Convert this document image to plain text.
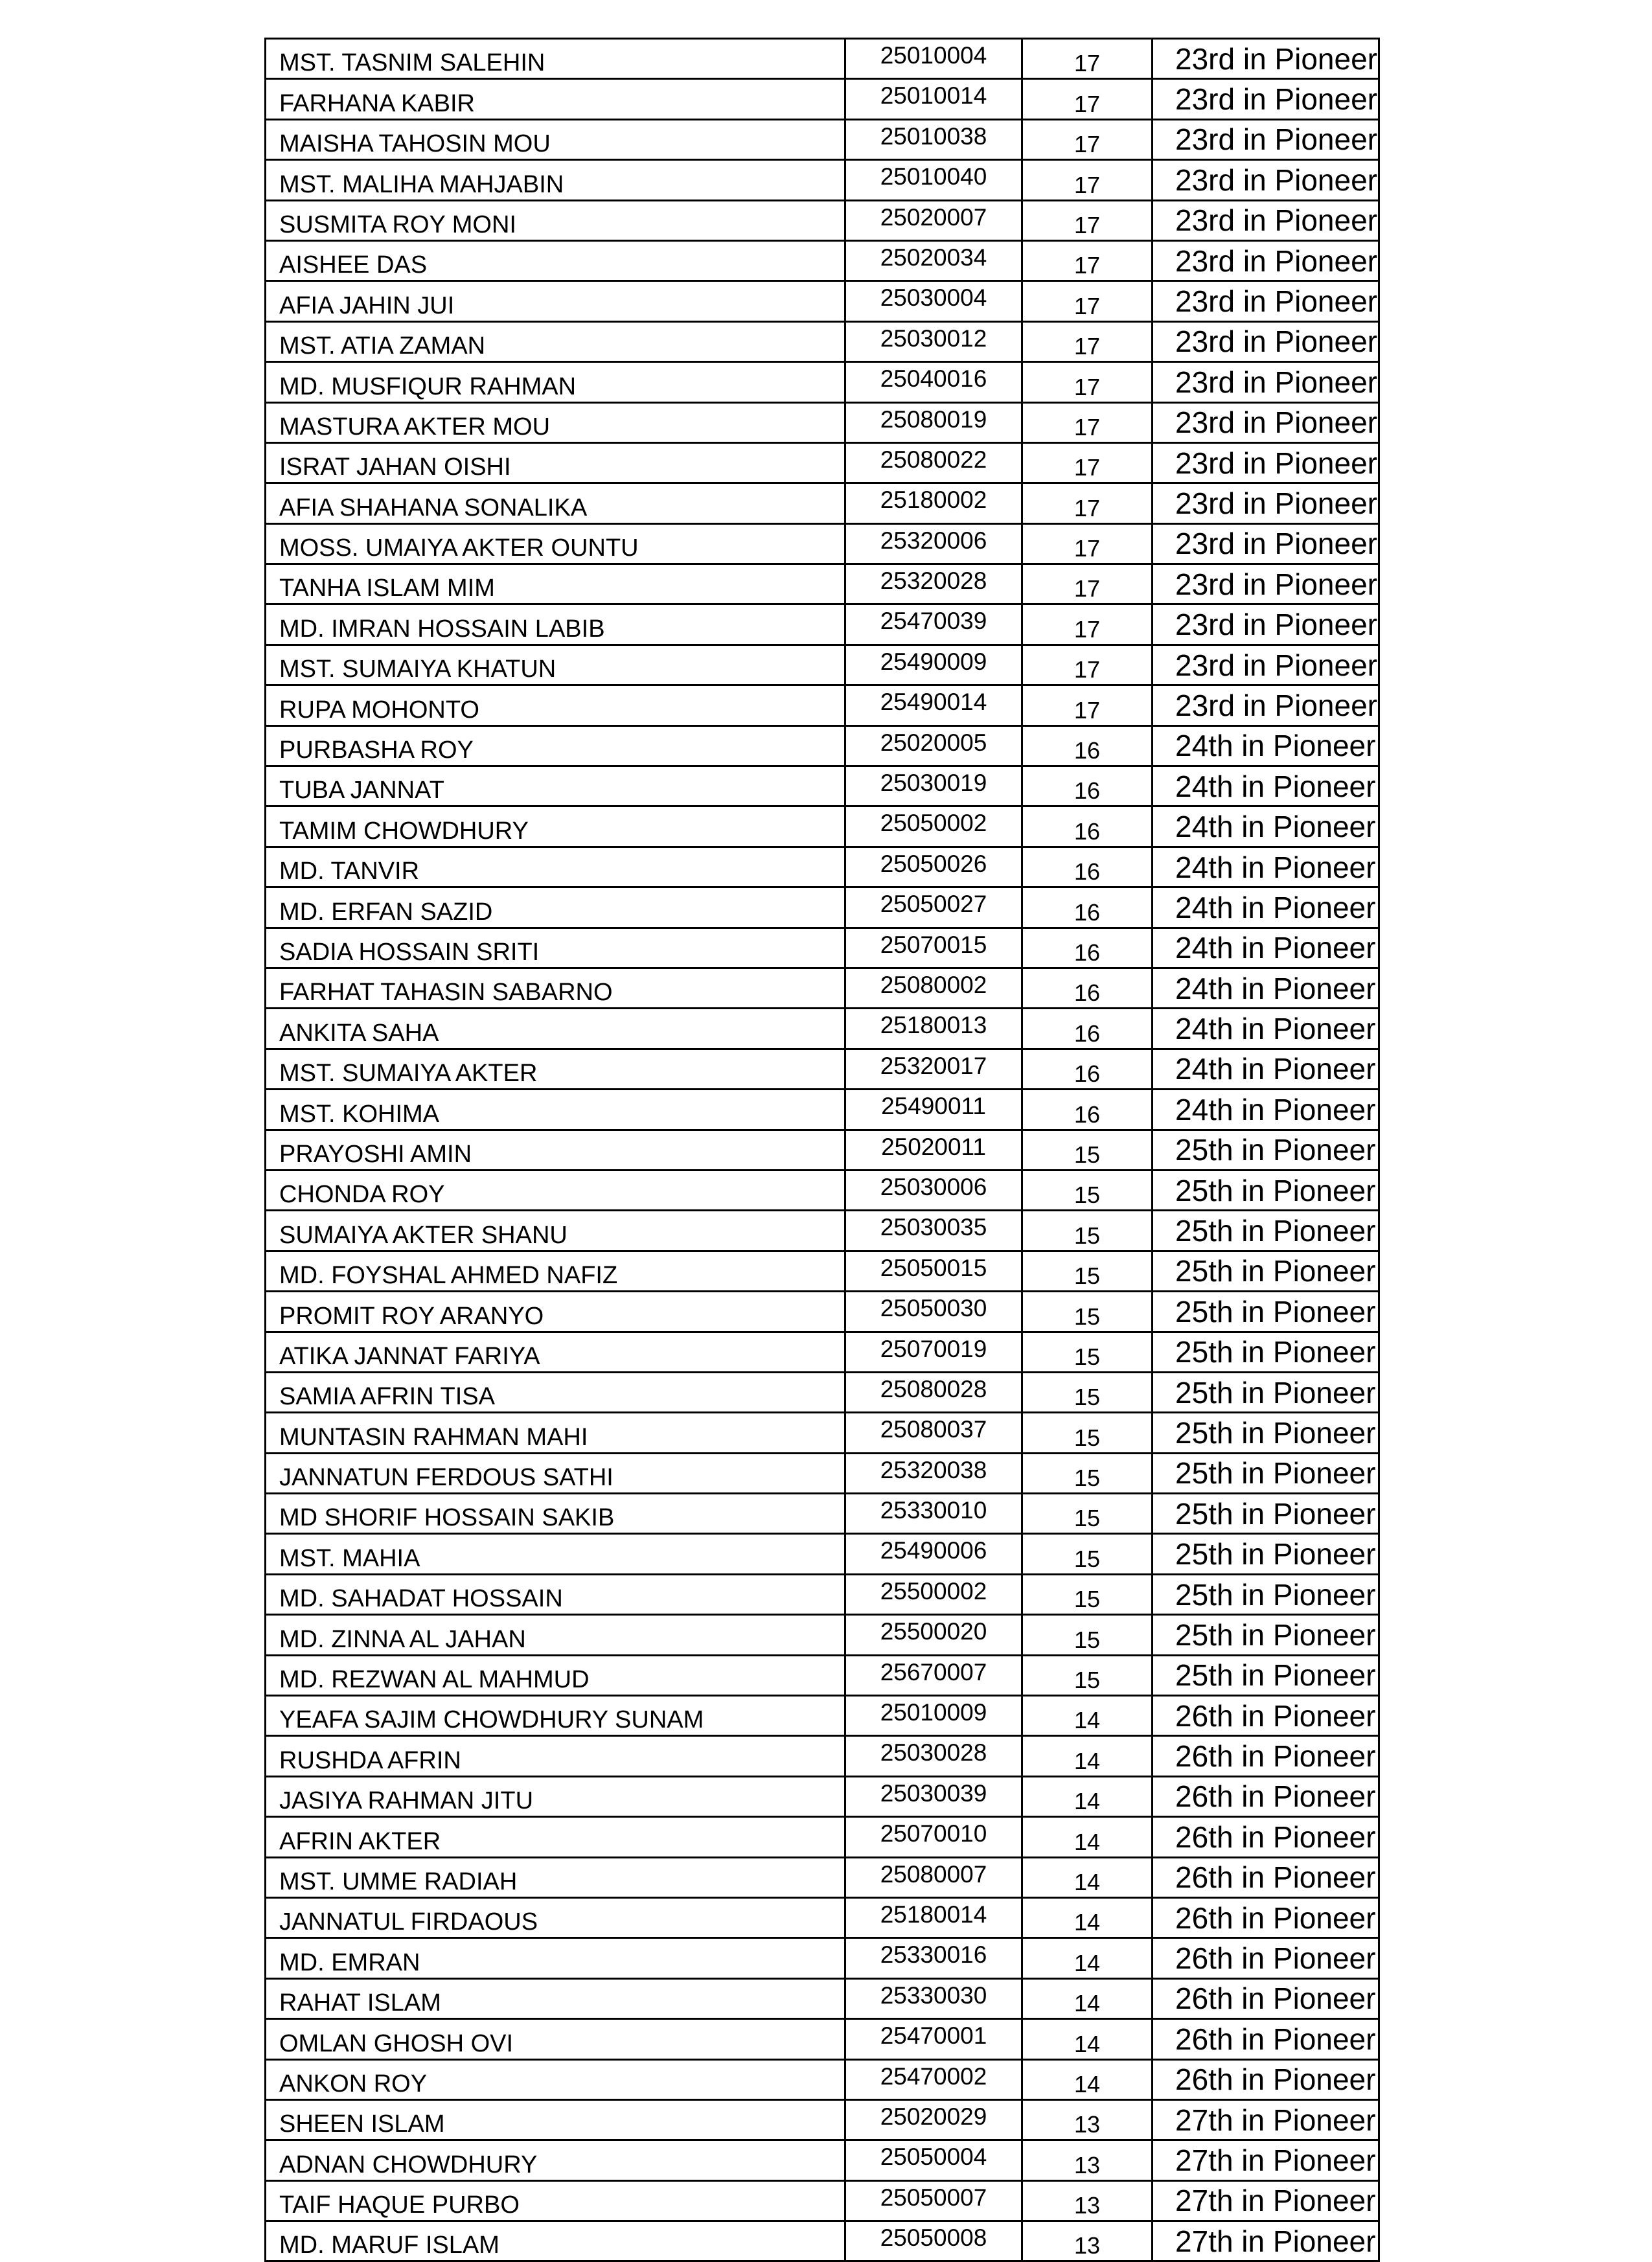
MST. TASNIM SALEHIN	25010004	17	23rd in Pioneer
FARHANA KABIR	25010014	17	23rd in Pioneer
MAISHA TAHOSIN MOU	25010038	17	23rd in Pioneer
MST. MALIHA MAHJABIN	25010040	17	23rd in Pioneer
SUSMITA ROY MONI	25020007	17	23rd in Pioneer
AISHEE DAS	25020034	17	23rd in Pioneer
AFIA JAHIN JUI	25030004	17	23rd in Pioneer
MST. ATIA ZAMAN	25030012	17	23rd in Pioneer
MD. MUSFIQUR RAHMAN	25040016	17	23rd in Pioneer
MASTURA AKTER MOU	25080019	17	23rd in Pioneer
ISRAT JAHAN OISHI	25080022	17	23rd in Pioneer
AFIA SHAHANA SONALIKA	25180002	17	23rd in Pioneer
MOSS. UMAIYA AKTER OUNTU	25320006	17	23rd in Pioneer
TANHA ISLAM MIM	25320028	17	23rd in Pioneer
MD. IMRAN HOSSAIN LABIB	25470039	17	23rd in Pioneer
MST. SUMAIYA KHATUN	25490009	17	23rd in Pioneer
RUPA MOHONTO	25490014	17	23rd in Pioneer
PURBASHA ROY	25020005	16	24th in Pioneer
TUBA JANNAT	25030019	16	24th in Pioneer
TAMIM CHOWDHURY	25050002	16	24th in Pioneer
MD. TANVIR	25050026	16	24th in Pioneer
MD. ERFAN SAZID	25050027	16	24th in Pioneer
SADIA HOSSAIN SRITI	25070015	16	24th in Pioneer
FARHAT TAHASIN SABARNO	25080002	16	24th in Pioneer
ANKITA SAHA	25180013	16	24th in Pioneer
MST. SUMAIYA AKTER	25320017	16	24th in Pioneer
MST. KOHIMA	25490011	16	24th in Pioneer
PRAYOSHI AMIN	25020011	15	25th in Pioneer
CHONDA ROY	25030006	15	25th in Pioneer
SUMAIYA AKTER SHANU	25030035	15	25th in Pioneer
MD. FOYSHAL AHMED NAFIZ	25050015	15	25th in Pioneer
PROMIT ROY ARANYO	25050030	15	25th in Pioneer
ATIKA JANNAT FARIYA	25070019	15	25th in Pioneer
SAMIA AFRIN TISA	25080028	15	25th in Pioneer
MUNTASIN RAHMAN MAHI	25080037	15	25th in Pioneer
JANNATUN FERDOUS SATHI	25320038	15	25th in Pioneer
MD SHORIF HOSSAIN SAKIB	25330010	15	25th in Pioneer
MST. MAHIA	25490006	15	25th in Pioneer
MD. SAHADAT HOSSAIN	25500002	15	25th in Pioneer
MD. ZINNA AL JAHAN	25500020	15	25th in Pioneer
MD. REZWAN AL MAHMUD	25670007	15	25th in Pioneer
YEAFA SAJIM CHOWDHURY SUNAM	25010009	14	26th in Pioneer
RUSHDA AFRIN	25030028	14	26th in Pioneer
JASIYA RAHMAN JITU	25030039	14	26th in Pioneer
AFRIN AKTER	25070010	14	26th in Pioneer
MST. UMME RADIAH	25080007	14	26th in Pioneer
JANNATUL FIRDAOUS	25180014	14	26th in Pioneer
MD. EMRAN	25330016	14	26th in Pioneer
RAHAT ISLAM	25330030	14	26th in Pioneer
OMLAN GHOSH OVI	25470001	14	26th in Pioneer
ANKON ROY	25470002	14	26th in Pioneer
SHEEN ISLAM	25020029	13	27th in Pioneer
ADNAN CHOWDHURY	25050004	13	27th in Pioneer
TAIF HAQUE PURBO	25050007	13	27th in Pioneer
MD. MARUF ISLAM	25050008	13	27th in Pioneer
